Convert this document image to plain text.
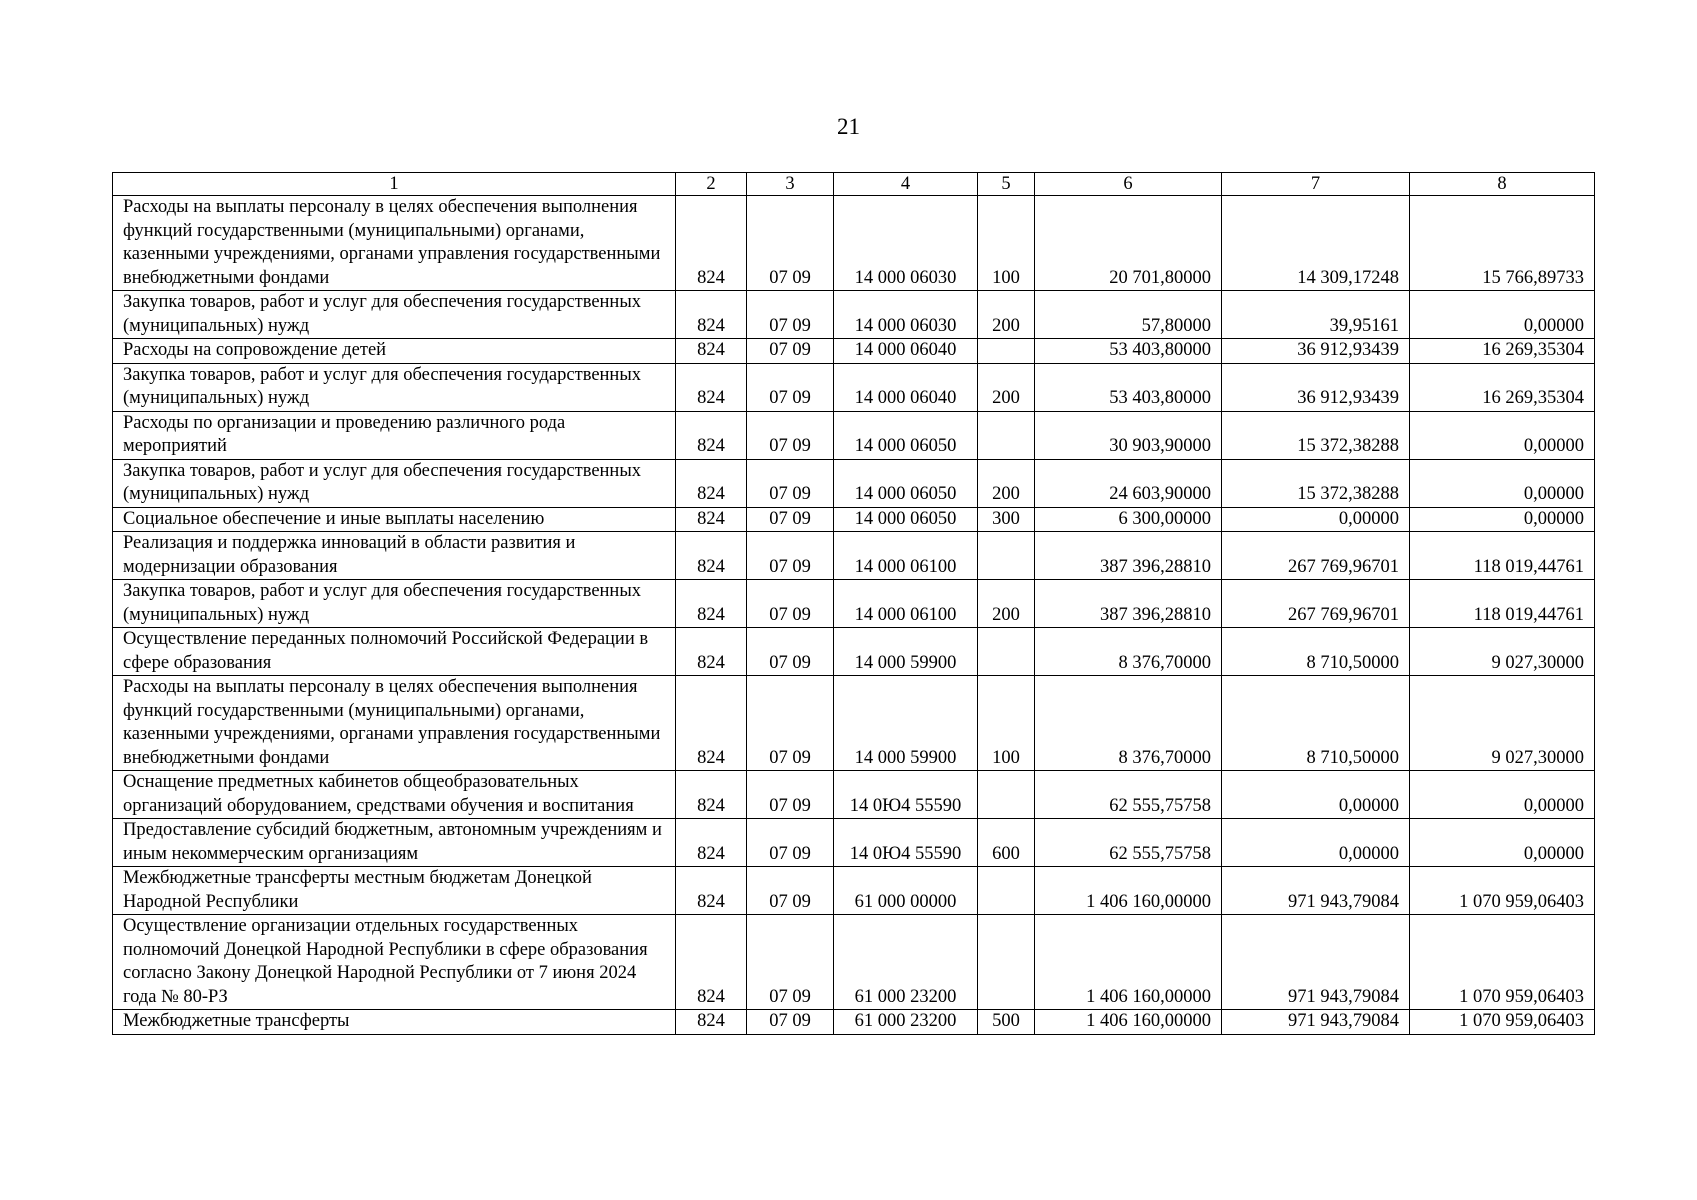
21
1	2	3	4	5	6	7	8
Расходы на выплаты персоналу в целях обеспечения выполнения функций государственными (муниципальными) органами, казенными учреждениями, органами управления государственными внебюджетными фондами	824	07 09	14 000 06030	100	20 701,80000	14 309,17248	15 766,89733
Закупка товаров, работ и услуг для обеспечения государственных (муниципальных) нужд	824	07 09	14 000 06030	200	57,80000	39,95161	0,00000
Расходы на сопровождение детей	824	07 09	14 000 06040		53 403,80000	36 912,93439	16 269,35304
Закупка товаров, работ и услуг для обеспечения государственных (муниципальных) нужд	824	07 09	14 000 06040	200	53 403,80000	36 912,93439	16 269,35304
Расходы по организации и проведению различного рода мероприятий	824	07 09	14 000 06050		30 903,90000	15 372,38288	0,00000
Закупка товаров, работ и услуг для обеспечения государственных (муниципальных) нужд	824	07 09	14 000 06050	200	24 603,90000	15 372,38288	0,00000
Социальное обеспечение и иные выплаты населению	824	07 09	14 000 06050	300	6 300,00000	0,00000	0,00000
Реализация и поддержка инноваций в области развития и модернизации образования	824	07 09	14 000 06100		387 396,28810	267 769,96701	118 019,44761
Закупка товаров, работ и услуг для обеспечения государственных (муниципальных) нужд	824	07 09	14 000 06100	200	387 396,28810	267 769,96701	118 019,44761
Осуществление переданных полномочий Российской Федерации в сфере образования	824	07 09	14 000 59900		8 376,70000	8 710,50000	9 027,30000
Расходы на выплаты персоналу в целях обеспечения выполнения функций государственными (муниципальными) органами, казенными учреждениями, органами управления государственными внебюджетными фондами	824	07 09	14 000 59900	100	8 376,70000	8 710,50000	9 027,30000
Оснащение предметных кабинетов общеобразовательных организаций оборудованием, средствами обучения и воспитания	824	07 09	14 0Ю4 55590		62 555,75758	0,00000	0,00000
Предоставление субсидий бюджетным, автономным учреждениям и иным некоммерческим организациям	824	07 09	14 0Ю4 55590	600	62 555,75758	0,00000	0,00000
Межбюджетные трансферты местным бюджетам Донецкой Народной Республики	824	07 09	61 000 00000		1 406 160,00000	971 943,79084	1 070 959,06403
Осуществление организации отдельных государственных полномочий Донецкой Народной Республики в сфере образования согласно Закону Донецкой Народной Республики от 7 июня 2024 года № 80-РЗ	824	07 09	61 000 23200		1 406 160,00000	971 943,79084	1 070 959,06403
Межбюджетные трансферты	824	07 09	61 000 23200	500	1 406 160,00000	971 943,79084	1 070 959,06403
